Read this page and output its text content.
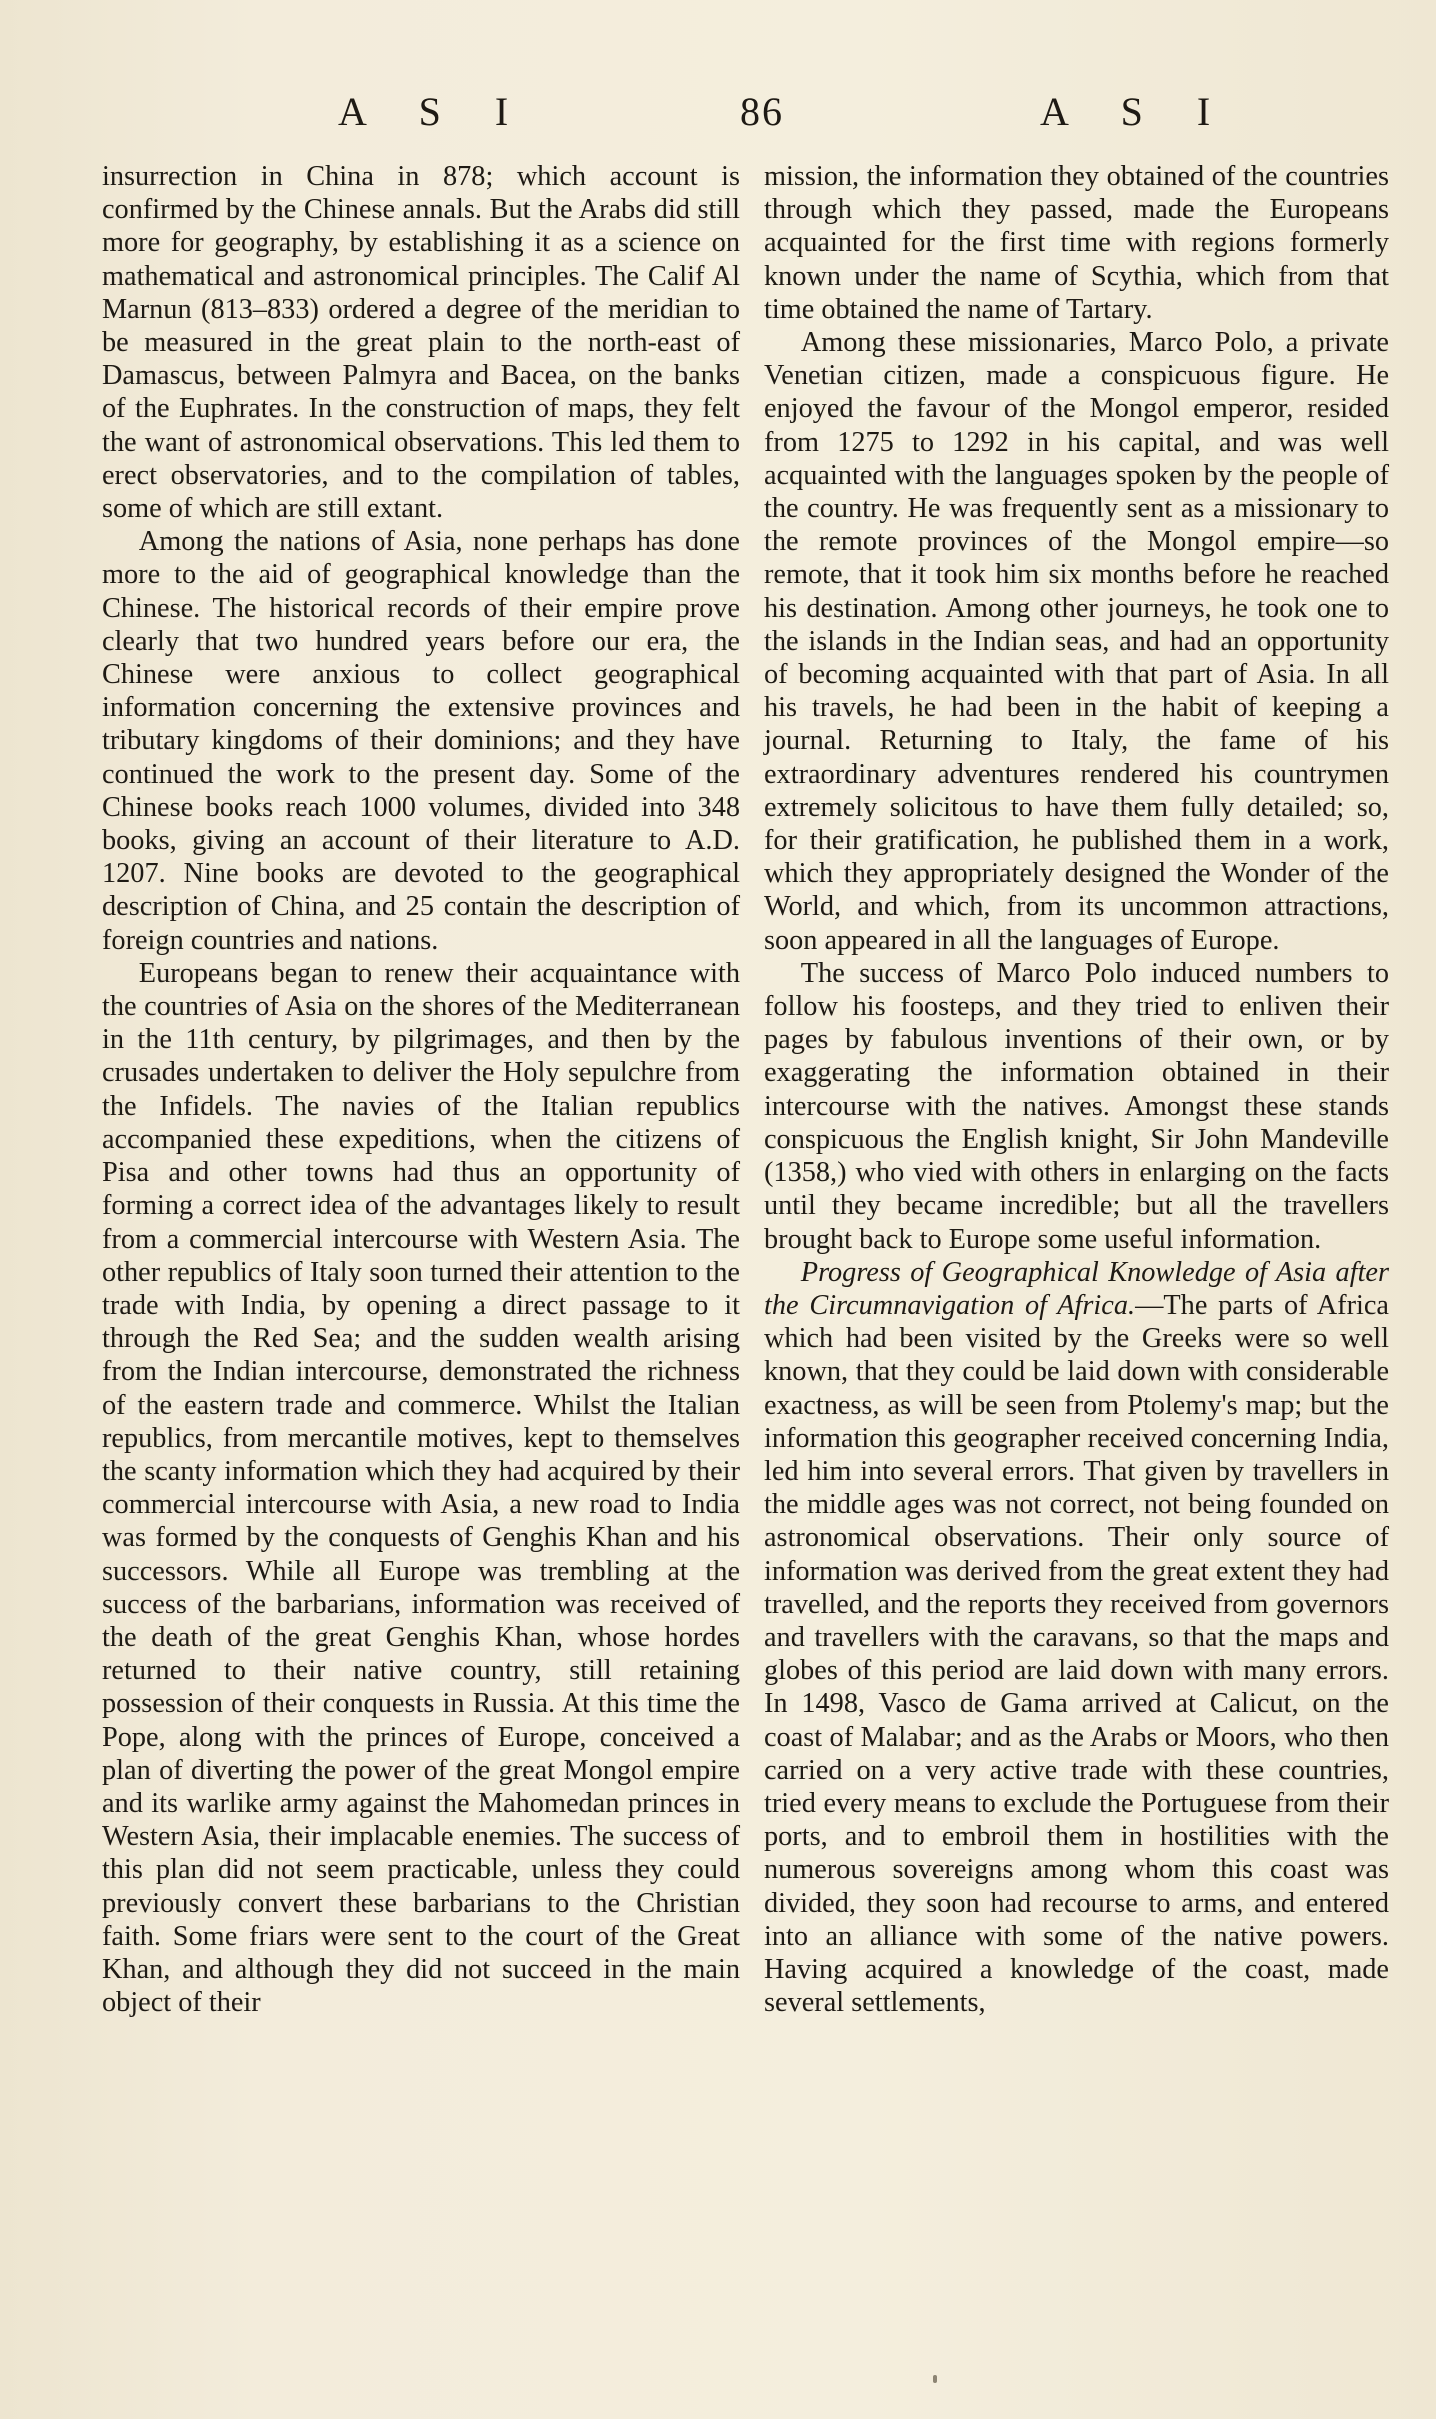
A S I	86	A S I

insurrection in China in 878; which account is confirmed by the Chinese annals. But the Arabs did still more for geography, by establishing it as a science on mathematical and astronomical principles. The Calif Al Marnun (813–833) ordered a degree of the meridian to be measured in the great plain to the north-east of Damascus, between Palmyra and Bacea, on the banks of the Euphrates. In the construction of maps, they felt the want of astronomical observations. This led them to erect observatories, and to the compilation of tables, some of which are still extant.

Among the nations of Asia, none perhaps has done more to the aid of geographical knowledge than the Chinese. The historical records of their empire prove clearly that two hundred years before our era, the Chinese were anxious to collect geographical information concerning the extensive provinces and tributary kingdoms of their dominions; and they have continued the work to the present day. Some of the Chinese books reach 1000 volumes, divided into 348 books, giving an account of their literature to A.D. 1207. Nine books are devoted to the geographical description of China, and 25 contain the description of foreign countries and nations.

Europeans began to renew their acquaintance with the countries of Asia on the shores of the Mediterranean in the 11th century, by pilgrimages, and then by the crusades undertaken to deliver the Holy sepulchre from the Infidels. The navies of the Italian republics accompanied these expeditions, when the citizens of Pisa and other towns had thus an opportunity of forming a correct idea of the advantages likely to result from a commercial intercourse with Western Asia. The other republics of Italy soon turned their attention to the trade with India, by opening a direct passage to it through the Red Sea; and the sudden wealth arising from the Indian intercourse, demonstrated the richness of the eastern trade and commerce. Whilst the Italian republics, from mercantile motives, kept to themselves the scanty information which they had acquired by their commercial intercourse with Asia, a new road to India was formed by the conquests of Genghis Khan and his successors. While all Europe was trembling at the success of the barbarians, information was received of the death of the great Genghis Khan, whose hordes returned to their native country, still retaining possession of their conquests in Russia. At this time the Pope, along with the princes of Europe, conceived a plan of diverting the power of the great Mongol empire and its warlike army against the Mahomedan princes in Western Asia, their implacable enemies. The success of this plan did not seem practicable, unless they could previously convert these barbarians to the Christian faith. Some friars were sent to the court of the Great Khan, and although they did not succeed in the main object of their

mission, the information they obtained of the countries through which they passed, made the Europeans acquainted for the first time with regions formerly known under the name of Scythia, which from that time obtained the name of Tartary.

Among these missionaries, Marco Polo, a private Venetian citizen, made a conspicuous figure. He enjoyed the favour of the Mongol emperor, resided from 1275 to 1292 in his capital, and was well acquainted with the languages spoken by the people of the country. He was frequently sent as a missionary to the remote provinces of the Mongol empire—so remote, that it took him six months before he reached his destination. Among other journeys, he took one to the islands in the Indian seas, and had an opportunity of becoming acquainted with that part of Asia. In all his travels, he had been in the habit of keeping a journal. Returning to Italy, the fame of his extraordinary adventures rendered his countrymen extremely solicitous to have them fully detailed; so, for their gratification, he published them in a work, which they appropriately designed the Wonder of the World, and which, from its uncommon attractions, soon appeared in all the languages of Europe.

The success of Marco Polo induced numbers to follow his foosteps, and they tried to enliven their pages by fabulous inventions of their own, or by exaggerating the information obtained in their intercourse with the natives. Amongst these stands conspicuous the English knight, Sir John Mandeville (1358,) who vied with others in enlarging on the facts until they became incredible; but all the travellers brought back to Europe some useful information.

Progress of Geographical Knowledge of Asia after the Circumnavigation of Africa.—The parts of Africa which had been visited by the Greeks were so well known, that they could be laid down with considerable exactness, as will be seen from Ptolemy's map; but the information this geographer received concerning India, led him into several errors. That given by travellers in the middle ages was not correct, not being founded on astronomical observations. Their only source of information was derived from the great extent they had travelled, and the reports they received from governors and travellers with the caravans, so that the maps and globes of this period are laid down with many errors. In 1498, Vasco de Gama arrived at Calicut, on the coast of Malabar; and as the Arabs or Moors, who then carried on a very active trade with these countries, tried every means to exclude the Portuguese from their ports, and to embroil them in hostilities with the numerous sovereigns among whom this coast was divided, they soon had recourse to arms, and entered into an alliance with some of the native powers. Having acquired a knowledge of the coast, made several settlements,
